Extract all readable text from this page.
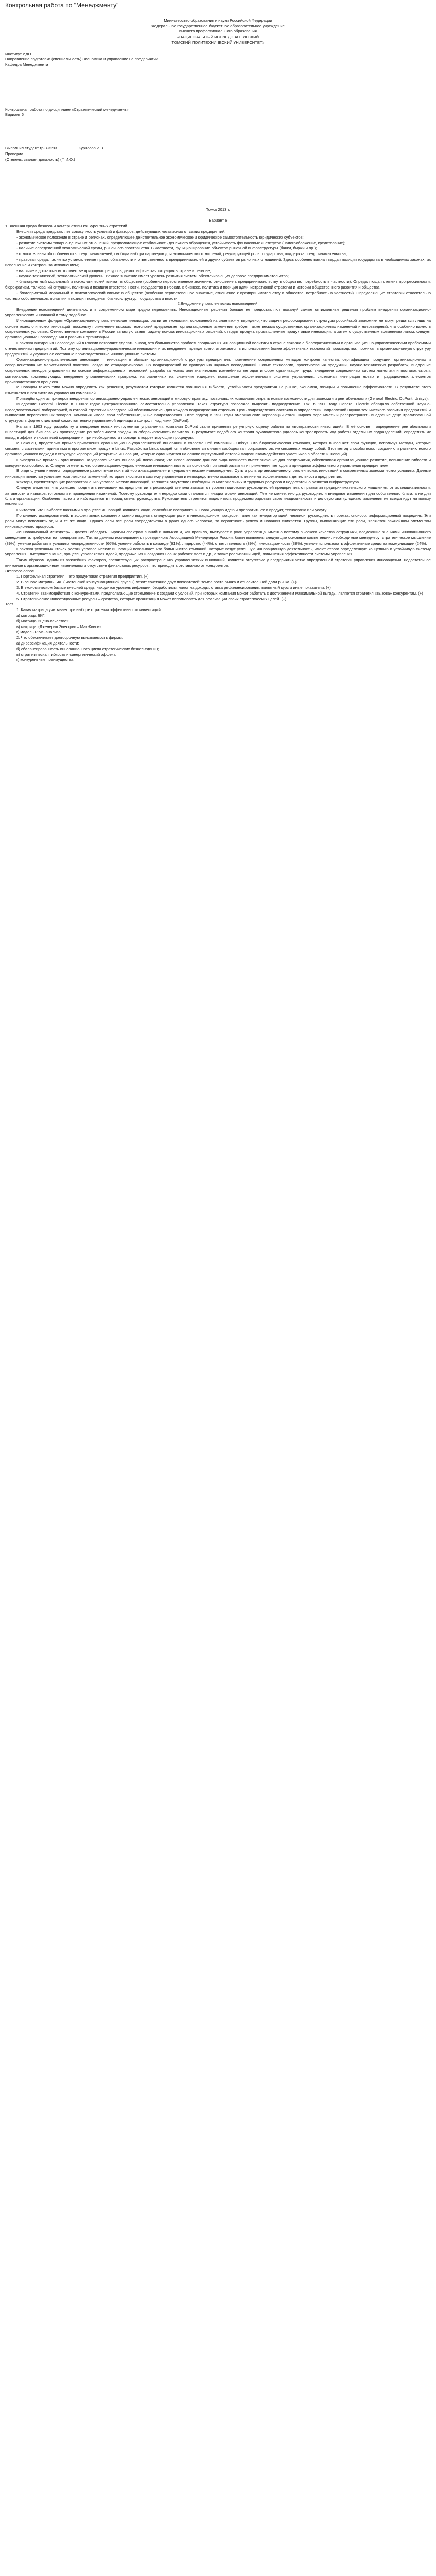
Контрольная работа по "Менеджменту"

Министерство образования и науки Российской Федерации

Федеральное государственное бюджетное образовательное учреждение

высшего профессионального образования

«НАЦИОНАЛЬНЫЙ ИССЛЕДОВАТЕЛЬСКИЙ

ТОМСКИЙ ПОЛИТЕХНИЧЕСКИЙ УНИВЕРСИТЕТ»

Институт ИДО

Направление подготовки (специальность) Экономика и управление на предприятии

Кафедра Менеджмента

Контрольная работа по дисциплине «Стратегический менеджмент»

Вариант 6

Выполнил студент гр.З-3293 _________ Курносов И В

Проверил_________________________________

(Степень, звание, должность) (Ф.И.О.)

Томск 2013 г.

Вариант 6

1.Внешняя среда бизнеса и альтернативы конкурентных стратегий.

Внешняя среда представляет совокупность условий и факторов, действующих независимо от самих предприятий.

- экономическое положение в стране и регионах, определяющее действительное экономическое и юридическое самостоятельность юридических субъектов;

- развитие системы товарно-денежных отношений, предполагающее стабильность денежного обращения, устойчивость финансовых институтов (налогообложение, кредитование);

- наличие определенной экономической среды, рыночного пространства. В частности, функционирование объектов рыночной инфраструктуры (банки, биржи и пр.);

- относительная обособленность предпринимателей, свобода выбора партнеров для экономических отношений, регулирующей роль государства, поддержка предпринимательства;

- правовая среда, т.е. четко установленные права, обязанности и ответственность предпринимателей и других субъектов рыночных отношений. Здесь особенно важна твердая позиция государства в необходимых законах, их исполнение и контроль за исполнением;

- наличие в достаточном количестве природных ресурсов, демографическая ситуация в стране и регионе;

- научно-технический, технологический уровень. Важное значение имеет уровень развития систем, обеспечивающих деловое предпринимательство;

- благоприятный моральный и психологический климат в обществе (особенно первостепенное значение, отношение к предпринимательству в обществе, потребность в частности). Определяющая степень прогрессивности, бюрократизм, толкований ситуации, политика и позиция ответственности, государство в России, в бизнесе, политика и позиция административной стратегии и истории общественного развития и общества.

- благоприятный моральный и психологический климат в обществе (особенно первостепенное значение, отношение к предпринимательству в обществе, потребность в частности). Определяющие стратегии относительно частных собственников, политики и позиция поведения бизнес-структур, государства и власти.

2.Внедрение управленческих нововведений.

Внедрение нововведений деятельности в современном мире трудно переоценить. Инновационные решения больше не предоставляют пожалуй самые оптимальные решения проблем внедрения организационно-управленческих инноваций и тому подобное.

Инновационным фондом «Организационно-управленческие инновации: развитие экономики, основанной на знаниях» утверждено, что задачи реформирования структуры российской экономики не могут решаться лишь на основе технологических инноваций, поскольку применение высоких технологий предполагает организационные изменения требует также весьма существенных организационных изменений и нововведений, что особенно важно в современных условиях. Отечественные компании в России зачастую ставят задачу поиска инновационных решений, отводят продукт, промышленные продуктовые инновации, а затем с существенным временным лагом, следует организационные нововведения и развития организации.

Практика внедрения нововведений в России позволяет сделать вывод, что большинство проблем продвижения инновационной политики в стране связано с бюрократическими и организационно-управленческими проблемами отечественных предприятий. Поэтому организационно-управленческие инновации и их внедрение, прежде всего, отражаются в использовании более эффективных технологий производства, проникая в организационную структуру предприятий и улучшая ее составные производственные инновационные системы.

Организационно-управленческие инновации – инновации в области организационной структуры предприятия, применение современных методов контроля качества, сертификации продукции, организационных и совершенствование маркетинговой политики, создание стандартизированных подразделений по проведению научных исследований, новые технологии, проектирования продукции, научно-технических разработок, внедрение современных методов управления на основе информационных технологий, разработка новых или значительно изменённых методов и форм организации труда, внедрение современных систем логистики и поставок сырья, материалов, комплектующих, внедрение управленческих программ, направленных на снижение издержек, повышение эффективности системы управления, системная интеграция новых и традиционных элементов производственного процесса.

Инновации такого типа можно определить как решения, результатом которых являются повышения гибкости, устойчивости предприятия на рынке, экономия, позиции и повышение эффективности. В результате этого изменяется и вся система управления компанией.

Приведём один из примеров внедрения организационно-управленческих инноваций в мировую практику, позволивших компаниям открыть новые возможности для экономии и рентабельности (General Electric, DuPont, Unisys).

Внедрение General Electric в 1900-х годах централизованного самостоятельно управления. Такая структура позволяла выделять подразделение. Так, в 1900 году General Electric обладало собственной научно-исследовательской лабораторией, в которой стратегии исследований обосновывались для каждого подразделения отдельно. Цель подразделения состояла в определении направлений научно-технического развития предприятий и выявлении перспективных товаров. Компания имела свои собственные, иные подразделения. Этот подход в 1920 годы американские корпорации стали широко перенимать и распространять внедрение децентрализованной структуры в форме отдельной самостоятельно управляемой единицы и контроля над ними (DuPont).

Начав в 1903 году разработку и внедрение новых инструментов управления, компания DuPont стала применять регулярную оценку работы по «возвратности инвестиций». В её основе – определение рентабельности инвестиций для бизнеса как произведение рентабельности продаж на оборачиваемость капитала. В результате подобного контроля руководителю удалось контролировать ход работы отдельных подразделений, определять их вклад в эффективность всей корпорации и при необходимости проводить корректирующие процедуры.

И наконец, представим пример применения организационно-управленческой инновации в современной компании - Unisys. Это бюрократическая компания, которая выполняет свои функции, используя методы, которые связаны с системами, принятыми в программном продукте Linux. Разработка Linux создаётся и обновляется силами сообщества программистов, не связанных между собой. Этот метод способствовал созданию и развитию нового организационного подхода к структуре корпораций (открытые инновации, которые организуются на основе виртуальной сетевой модели взаимодействия участников в области инноваций).

Приведённые примеры организационно-управленческих инноваций показывают, что использование данного вида новшеств имеет значение для предприятия, обеспечивая организационное развитие, повышение гибкости и конкурентоспособности. Следует отметить, что организационно-управленческие инновации являются основной причиной развития и применения методов и принципов эффективного управления предприятием.

В ряде случаев имеется определенное разночтение понятий «организационные» и «управленческие» нововведения. Суть и роль организационно-управленческих инноваций в современных экономических условиях: Данные инновации являются условием комплексных изменений, которые вносятся в систему управления и непосредственно оказывают влияние на эффективность деятельности предприятия.

Факторы, препятствующие распространению управленческих инноваций, являются отсутствие необходимых материальных и трудовых ресурсов и недостаточно развитая инфраструктура.

Следует отметить, что успешно продвигать инновации на предприятии в решающей степени зависит от уровня подготовки руководителей предприятия, от развития предпринимательского мышления, от их инициативности, активности и навыков, готовности к проведению изменений. Поэтому руководители нередко сами становятся инициаторами инноваций. Тем не менее, иногда руководители внедряют изменения для собственного блага, а не для блага организации. Особенно часто это наблюдается в период смены руководства. Руководитель стремится выделиться, продемонстрировать свою инициативность и деловую хватку, однако изменения не всегда идут на пользу компании.

Считается, что наиболее важными в процессе инноваций являются люди, способные воспринять инновационную идею и превратить ее в продукт, технологию или услугу.

По мнению исследователей, в эффективных компаниях можно выделить следующие роли в инновационном процессе, такие как генератор идей, чемпион, руководитель проекта, спонсор, информационный посредник. Эти роли могут исполнять одни и те же люди. Однако если все роли сосредоточены в руках одного человека, то вероятность успеха инновации снижается. Группы, выполняющие эти роли, являются важнейшим элементом инновационного процесса.

«Инновационный менеджер» - должен обладать широким спектром знаний и навыков и, как правило, выступает в роли управленца. Именно поэтому высокого качества сотрудники, владеющие знаниями инновационного менеджмента, требуются на предприятиях. Так по данным исследования, проведенного Ассоциацией Менеджеров России, были выявлены следующие основные компетенции, необходимые менеджеру: стратегическое мышление (89%), умение работать в условиях неопределенности (66%), умение работать в команде (61%), лидерство (44%), ответственность (39%), инновационность (38%), умение использовать эффективные средства коммуникации (24%).

Практика успешных «точек роста» управленческих инноваций показывает, что большинство компаний, которые ведут успешную инновационную деятельность, имеют строго определённую концепцию и устойчивую систему управления. Выступает знание, процесс, управляемая идеей, продвижения и создания новых рабочих мест и др., а также реализации идей, повышения эффективности системы управления.

Таким образом, одним из важнейших факторов, препятствующих распространению управленческих инноваций, является отсутствие у предприятия четко определенной стратегии управления инновациями, недостаточное внимание к организационным изменениям и отсутствие финансовых ресурсов, что приводит к отставанию от конкурентов.

Экспресс-опрос

1. Портфельная стратегия – это продуктовая стратегия предприятия. (+)

2. В основе матрицы БКГ (Бостонской консультационной группы) лежит сочетание двух показателей: темпа роста рынка и относительной доли рынка. (+)

3. В экономическом базисе внешней среды находится уровень инфляции, безработицы, налог на доходы, ставка рефинансирования, валютный курс и иные показатели. (+)

4. Стратегии взаимодействия с конкурентами, предполагающие стремление к созданию условий, при которых компания может работать с достижением максимальной выгоды, является стратегия «вызова» конкурентам. (+)

5. Стратегические инвестиционные ресурсы – средства, которые организация может использовать для реализации своих стратегических целей. (+)

Тест

1. Какая матрица учитывает при выборе стратегии эффективность инвестиций:

а) матрица БКГ;

б) матрица «Цена-качество»;

в) матрица «Дженерал Электрик – Мак-Кинси»;

г) модель PIMS-анализа.

2. Что обеспечивает долгосрочную выживаемость фирмы:

а) диверсификация деятельности;

б) сбалансированность инновационного цикла стратегических бизнес-единиц;

в) стратегическая гибкость и синергетический эффект;

г) конкурентные преимущества.
